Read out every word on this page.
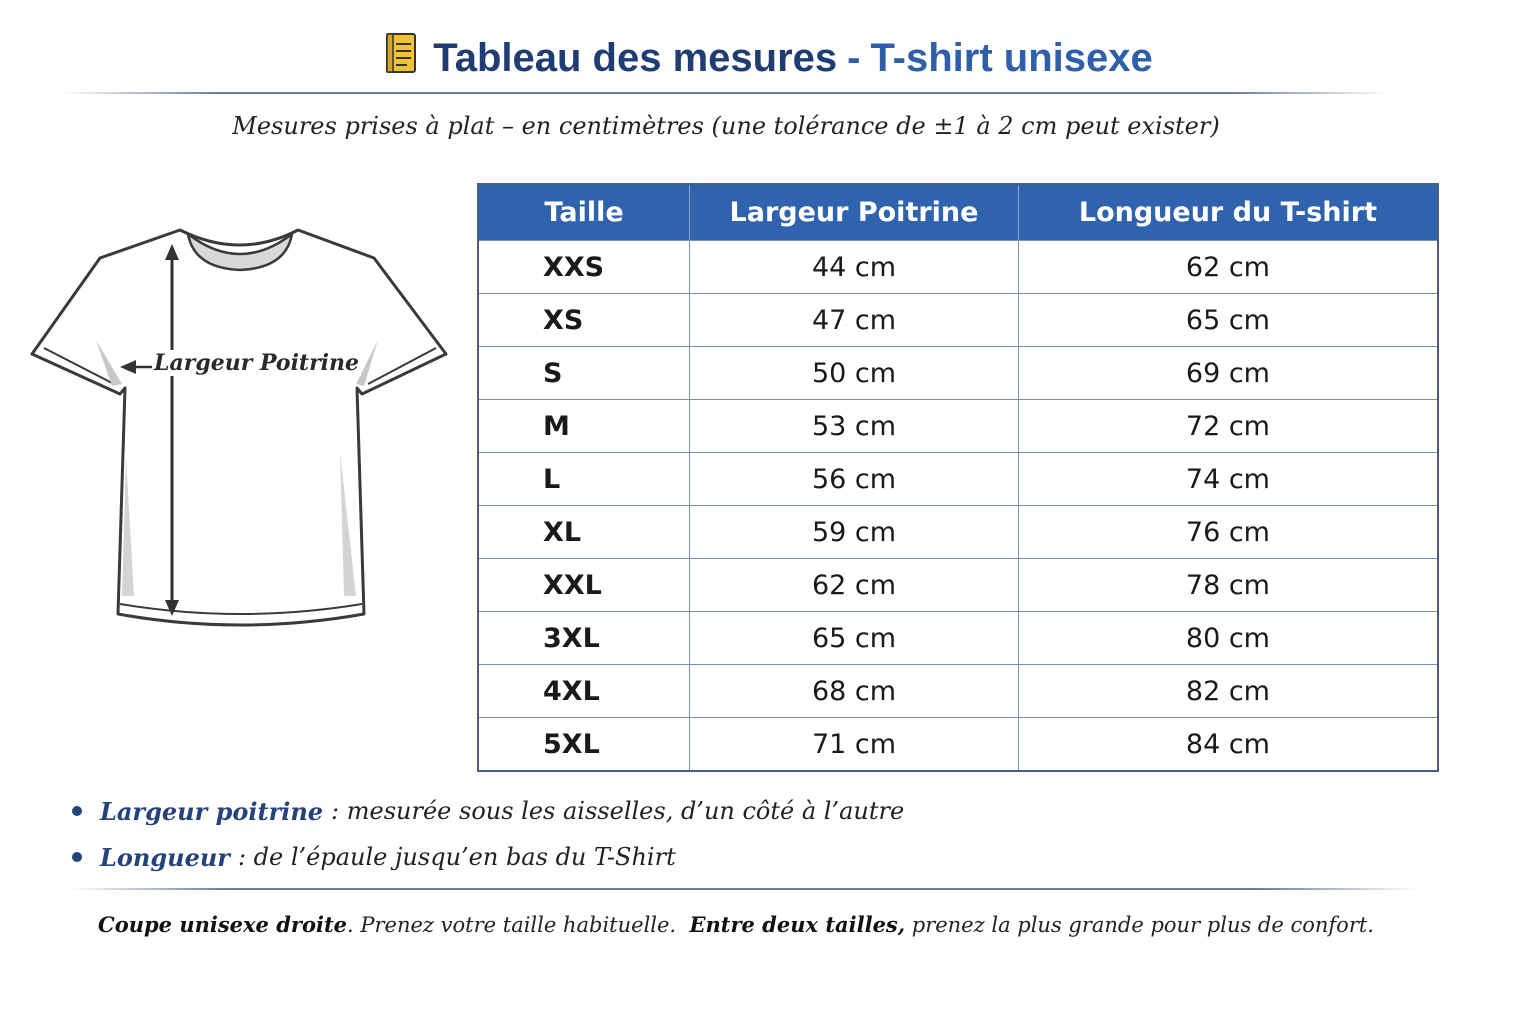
Tableau des mesures - T-shirt unisexe
Mesures prises à plat – en centimètres (une tolérance de ±1 à 2 cm peut exister)
Largeur Poitrine
Taille	Largeur Poitrine	Longueur du T-shirt
XXS	44 cm	62 cm
XS	47 cm	65 cm
S	50 cm	69 cm
M	53 cm	72 cm
L	56 cm	74 cm
XL	59 cm	76 cm
XXL	62 cm	78 cm
3XL	65 cm	80 cm
4XL	68 cm	82 cm
5XL	71 cm	84 cm
Largeur poitrine : mesurée sous les aisselles, d’un côté à l’autre
Longueur : de l’épaule jusqu’en bas du T-Shirt
Coupe unisexe droite. Prenez votre taille habituelle. Entre deux tailles, prenez la plus grande pour plus de confort.
